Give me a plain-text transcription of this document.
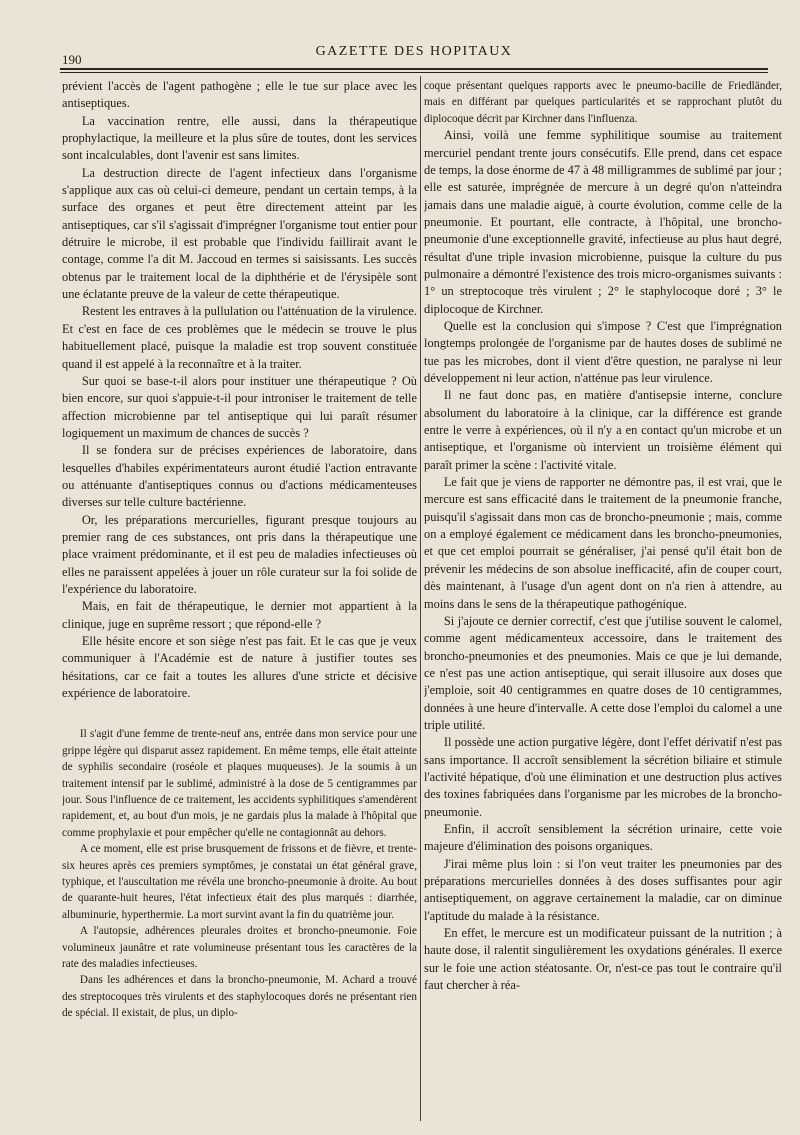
190
GAZETTE DES HOPITAUX

prévient l'accès de l'agent pathogène ; elle le tue sur place avec les antiseptiques.

La vaccination rentre, elle aussi, dans la thérapeutique prophylactique, la meilleure et la plus sûre de toutes, dont les services sont incalculables, dont l'avenir est sans limites.

La destruction directe de l'agent infectieux dans l'organisme s'applique aux cas où celui-ci demeure, pendant un certain temps, à la surface des organes et peut être directement atteint par les antiseptiques, car s'il s'agissait d'imprégner l'organisme tout entier pour détruire le microbe, il est probable que l'individu faillirait avant le contage, comme l'a dit M. Jaccoud en termes si saisissants. Les succès obtenus par le traitement local de la diphthérie et de l'érysipèle sont une éclatante preuve de la valeur de cette thérapeutique.

Restent les entraves à la pullulation ou l'atténuation de la virulence. Et c'est en face de ces problèmes que le médecin se trouve le plus habituellement placé, puisque la maladie est trop souvent constituée quand il est appelé à la reconnaître et à la traiter.

Sur quoi se base-t-il alors pour instituer une thérapeutique ? Où bien encore, sur quoi s'appuie-t-il pour introniser le traitement de telle affection microbienne par tel antiseptique qui lui paraît résumer logiquement un maximum de chances de succès ?

Il se fondera sur de précises expériences de laboratoire, dans lesquelles d'habiles expérimentateurs auront étudié l'action entravante ou atténuante d'antiseptiques connus ou d'actions médicamenteuses diverses sur telle culture bactérienne.

Or, les préparations mercurielles, figurant presque toujours au premier rang de ces substances, ont pris dans la thérapeutique une place vraiment prédominante, et il est peu de maladies infectieuses où elles ne paraissent appelées à jouer un rôle curateur sur la foi solide de l'expérience du laboratoire.

Mais, en fait de thérapeutique, le dernier mot appartient à la clinique, juge en suprême ressort ; que répond-elle ?

Elle hésite encore et son siège n'est pas fait. Et le cas que je veux communiquer à l'Académie est de nature à justifier toutes ses hésitations, car ce fait a toutes les allures d'une stricte et décisive expérience de laboratoire.

Il s'agit d'une femme de trente-neuf ans, entrée dans mon service pour une grippe légère qui disparut assez rapidement. En même temps, elle était atteinte de syphilis secondaire (roséole et plaques muqueuses). Je la soumis à un traitement intensif par le sublimé, administré à la dose de 5 centigrammes par jour. Sous l'influence de ce traitement, les accidents syphilitiques s'amendèrent rapidement, et, au bout d'un mois, je ne gardais plus la malade à l'hôpital que comme prophylaxie et pour empêcher qu'elle ne contagionnât au dehors.

A ce moment, elle est prise brusquement de frissons et de fièvre, et trente-six heures après ces premiers symptômes, je constatai un état général grave, typhique, et l'auscultation me révéla une broncho-pneumonie à droite. Au bout de quarante-huit heures, l'état infectieux était des plus marqués : diarrhée, albuminurie, hyperthermie. La mort survint avant la fin du quatrième jour.

A l'autopsie, adhérences pleurales droites et broncho-pneumonie. Foie volumineux jaunâtre et rate volumineuse présentant tous les caractères de la rate des maladies infectieuses.

Dans les adhérences et dans la broncho-pneumonie, M. Achard a trouvé des streptocoques très virulents et des staphylocoques dorés ne présentant rien de spécial. Il existait, de plus, un diplo-

coque présentant quelques rapports avec le pneumo-bacille de Friedländer, mais en différant par quelques particularités et se rapprochant plutôt du diplocoque décrit par Kirchner dans l'influenza.

Ainsi, voilà une femme syphilitique soumise au traitement mercuriel pendant trente jours consécutifs. Elle prend, dans cet espace de temps, la dose énorme de 47 à 48 milligrammes de sublimé par jour ; elle est saturée, imprégnée de mercure à un degré qu'on n'atteindra jamais dans une maladie aiguë, à courte évolution, comme celle de la pneumonie. Et pourtant, elle contracte, à l'hôpital, une broncho-pneumonie d'une exceptionnelle gravité, infectieuse au plus haut degré, résultat d'une triple invasion microbienne, puisque la culture du pus pulmonaire a démontré l'existence des trois micro-organismes suivants : 1° un streptocoque très virulent ; 2° le staphylocoque doré ; 3° le diplocoque de Kirchner.

Quelle est la conclusion qui s'impose ? C'est que l'imprégnation longtemps prolongée de l'organisme par de hautes doses de sublimé ne tue pas les microbes, dont il vient d'être question, ne paralyse ni leur développement ni leur action, n'atténue pas leur virulence.

Il ne faut donc pas, en matière d'antisepsie interne, conclure absolument du laboratoire à la clinique, car la différence est grande entre le verre à expériences, où il n'y a en contact qu'un microbe et un antiseptique, et l'organisme où intervient un troisième élément qui paraît primer la scène : l'activité vitale.

Le fait que je viens de rapporter ne démontre pas, il est vrai, que le mercure est sans efficacité dans le traitement de la pneumonie franche, puisqu'il s'agissait dans mon cas de broncho-pneumonie ; mais, comme on a employé également ce médicament dans les broncho-pneumonies, et que cet emploi pourrait se généraliser, j'ai pensé qu'il était bon de prévenir les médecins de son absolue inefficacité, afin de couper court, dès maintenant, à l'usage d'un agent dont on n'a rien à attendre, au moins dans le sens de la thérapeutique pathogénique.

Si j'ajoute ce dernier correctif, c'est que j'utilise souvent le calomel, comme agent médicamenteux accessoire, dans le traitement des broncho-pneumonies et des pneumonies. Mais ce que je lui demande, ce n'est pas une action antiseptique, qui serait illusoire aux doses que j'emploie, soit 40 centigrammes en quatre doses de 10 centigrammes, données à une heure d'intervalle. A cette dose l'emploi du calomel a une triple utilité.

Il possède une action purgative légère, dont l'effet dérivatif n'est pas sans importance. Il accroît sensiblement la sécrétion biliaire et stimule l'activité hépatique, d'où une élimination et une destruction plus actives des toxines fabriquées dans l'organisme par les microbes de la broncho-pneumonie.

Enfin, il accroît sensiblement la sécrétion urinaire, cette voie majeure d'élimination des poisons organiques.

J'irai même plus loin : si l'on veut traiter les pneumonies par des préparations mercurielles données à des doses suffisantes pour agir antiseptiquement, on aggrave certainement la maladie, car on diminue l'aptitude du malade à la résistance.

En effet, le mercure est un modificateur puissant de la nutrition ; à haute dose, il ralentit singulièrement les oxydations générales. Il exerce sur le foie une action stéatosante. Or, n'est-ce pas tout le contraire qu'il faut chercher à réa-
